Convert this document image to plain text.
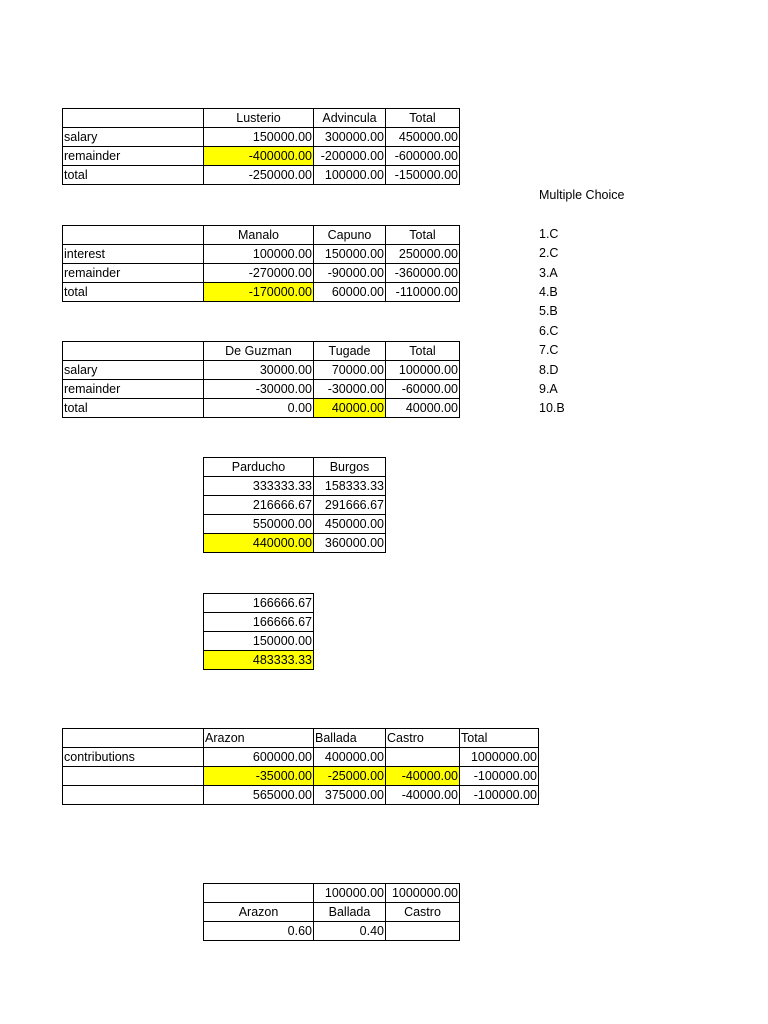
	Lusterio	Advincula	Total
salary	150000.00	300000.00	450000.00
remainder	-400000.00	-200000.00	-600000.00
total	-250000.00	100000.00	-150000.00
Multiple Choice
1.C
2.C
3.A
4.B
5.B
6.C
7.C
8.D
9.A
10.B
	Manalo	Capuno	Total
interest	100000.00	150000.00	250000.00
remainder	-270000.00	-90000.00	-360000.00
total	-170000.00	60000.00	-110000.00
	De Guzman	Tugade	Total
salary	30000.00	70000.00	100000.00
remainder	-30000.00	-30000.00	-60000.00
total	0.00	40000.00	40000.00
Parducho	Burgos
333333.33	158333.33
216666.67	291666.67
550000.00	450000.00
440000.00	360000.00
166666.67
166666.67
150000.00
483333.33
	Arazon	Ballada	Castro	Total
contributions	600000.00	400000.00		1000000.00
	-35000.00	-25000.00	-40000.00	-100000.00
	565000.00	375000.00	-40000.00	-100000.00
	100000.00	1000000.00
Arazon	Ballada	Castro
0.60	0.40	
